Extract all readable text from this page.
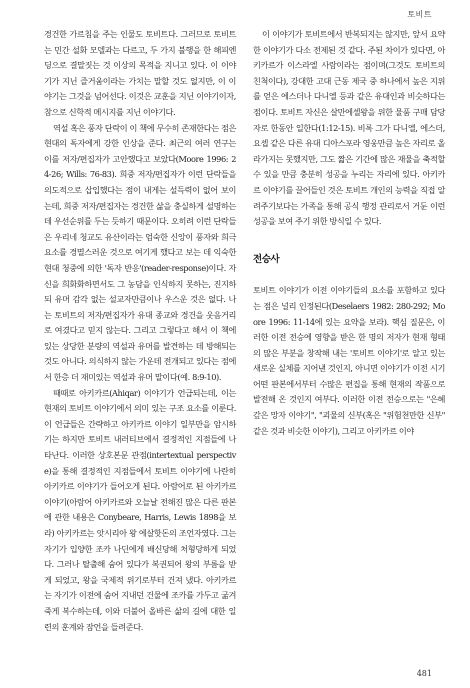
토비트

경건한 가르침을 주는 인물도 토비트다. 그러므로 토비트는 민간 설화 모델과는 다르고, 두 가지 불행을 한 해피엔딩으로 결말짓는 것 이상의 목적을 지니고 있다. 이 이야기가 지닌 즐거움이라는 가치는 말할 것도 없지만, 이 이야기는 그것을 넘어선다. 이것은 교훈을 지닌 이야기이자, 참으로 신학적 메시지를 지닌 이야기다.

역설 혹은 풍자 단락이 이 책에 무수히 존재한다는 점은 현대의 독자에게 강한 인상을 준다. 최근의 여러 연구는 이를 저자/편집자가 고안했다고 보았다(Moore 1996: 24-26; Wills: 76-83). 희중 저자/편집자가 이런 단락들을 의도적으로 삽입했다는 점이 내게는 설득력이 없어 보이는데, 희중 저자/편집자는 경건한 삶을 충실하게 설명하는 데 우선순위를 두는 듯하기 때문이다. 오히려 이런 단락들은 우리네 청교도 유산이라는 엄숙한 신앙이 풍자와 희극 요소를 경멸스러운 것으로 여기게 했다고 보는 데 익숙한 현대 청중에 의한 '독자 반응'(reader-response)이다. 자신을 희화화하면서도 그 농담을 인식하지 못하는, 진지하되 유머 감각 없는 설교자만큼이나 우스운 것은 없다. 나는 토비트의 저자/편집자가 유대 종교와 경건을 웃음거리로 여겼다고 믿지 않는다. 그리고 그렇다고 해서 이 책에 있는 상당한 분량의 역설과 유머를 발견하는 데 방해되는 것도 아니다. 의식하지 않는 가운데 전개되고 있다는 점에서 한층 더 재미있는 역설과 유머 말이다(예. 8:9-10).

때때로 아키카르(Ahiqar) 이야기가 언급되는데, 이는 현재의 토비트 이야기에서 의미 있는 구조 요소를 이룬다. 이 언급들은 간략하고 아키카르 이야기 일부만을 암시하기는 하지만 토비트 내러티브에서 결정적인 지점들에 나타난다. 이러한 상호본문 관점(intertextual perspective)을 통해 결정적인 지점들에서 토비트 이야기에 나란히 아키카르 이야기가 들어오게 된다. 아람어로 된 아키카르 이야기(아람어 아키카르와 오늘날 전해진 많은 다른 판본에 관한 내용은 Conybeare, Harris, Lewis 1898을 보라) 아키카르는 앗시리아 왕 에살핫돈의 조언자였다. 그는 자기가 입양한 조카 나딘에게 배신당해 처형당하게 되었다. 그러나 탈출해 숨어 있다가 복권되어 왕의 부름을 받게 되었고, 왕을 국제적 위기로부터 건져 냈다. 아키카르는 자기가 이전에 숨어 지내던 건물에 조카를 가두고 굶겨 죽게 복수하는데, 이와 더불어 올바른 삶의 길에 대한 일련의 훈계와 잠언을 들려준다.

이 이야기가 토비트에서 반복되지는 않지만, 앞서 요약한 이야기가 다소 전제된 것 같다. 주된 차이가 있다면, 아키카르가 이스라엘 사람이라는 점이며(그것도 토비트의 친척이다), 강대한 고대 근동 제국 중 하나에서 높은 지위를 얻은 에스더나 다니엘 등과 같은 유대인과 비슷하다는 점이다. 토비트 자신은 살만에셀왕을 위한 물품 구매 담당자로 한동안 일한다(1:12-15). 비록 그가 다니엘, 에스더, 요셉 같은 다른 유대 디아스포라 영웅만큼 높은 자리로 올라가지는 못했지만, 그도 짧은 기간에 많은 재물을 축적할 수 있을 만큼 충분히 성공을 누리는 자리에 있다. 아키카르 이야기를 끌어들인 것은 토비트 개인의 능력을 직접 알려주기보다는 가족을 통해 공식 행정 관리로서 거둔 이런 성공을 보여 주기 위한 방식일 수 있다.

전승사

토비트 이야기가 이전 이야기들의 요소를 포함하고 있다는 점은 널리 인정된다(Deselaers 1982: 280-292; Moore 1996: 11-14에 있는 요약을 보라). 핵심 질문은, 이러한 이전 전승에 영향을 받은 한 명의 저자가 현재 형태의 많은 부분을 창작해 내는 '토비트 이야기'로 알고 있는 새로운 실체를 지어낸 것인지, 아니면 이야기가 이전 시기 어떤 판본에서부터 수많은 편집을 통해 현재의 작품으로 발전해 온 것인지 여부다. 이러한 이전 전승으로는 "은혜 갚은 망자 이야기", "괴물의 신부(혹은 "위험천만한 신부" 같은 것과 비슷한 이야기), 그리고 아키카르 이야

481
